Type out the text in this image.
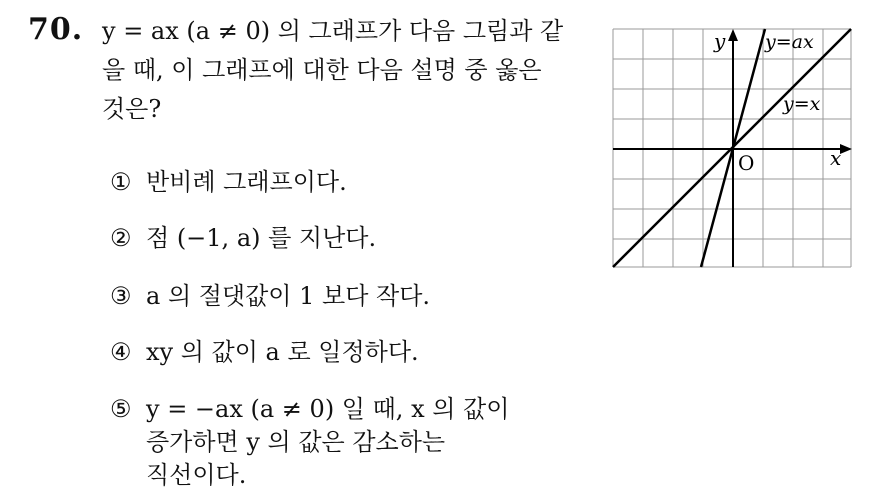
70. y = ax (a ≠ 0) 의 그래프가 다음 그림과 같
을 때, 이 그래프에 대한 다음 설명 중 옳은
것은?
① 반비례 그래프이다.
② 점 (−1, a) 를 지난다.
③ a 의 절댓값이 1 보다 작다.
④ xy 의 값이 a 로 일정하다.
⑤ y = −ax (a ≠ 0) 일 때, x 의 값이
증가하면 y 의 값은 감소하는
직선이다.
y
x
O
y=ax
y=x
